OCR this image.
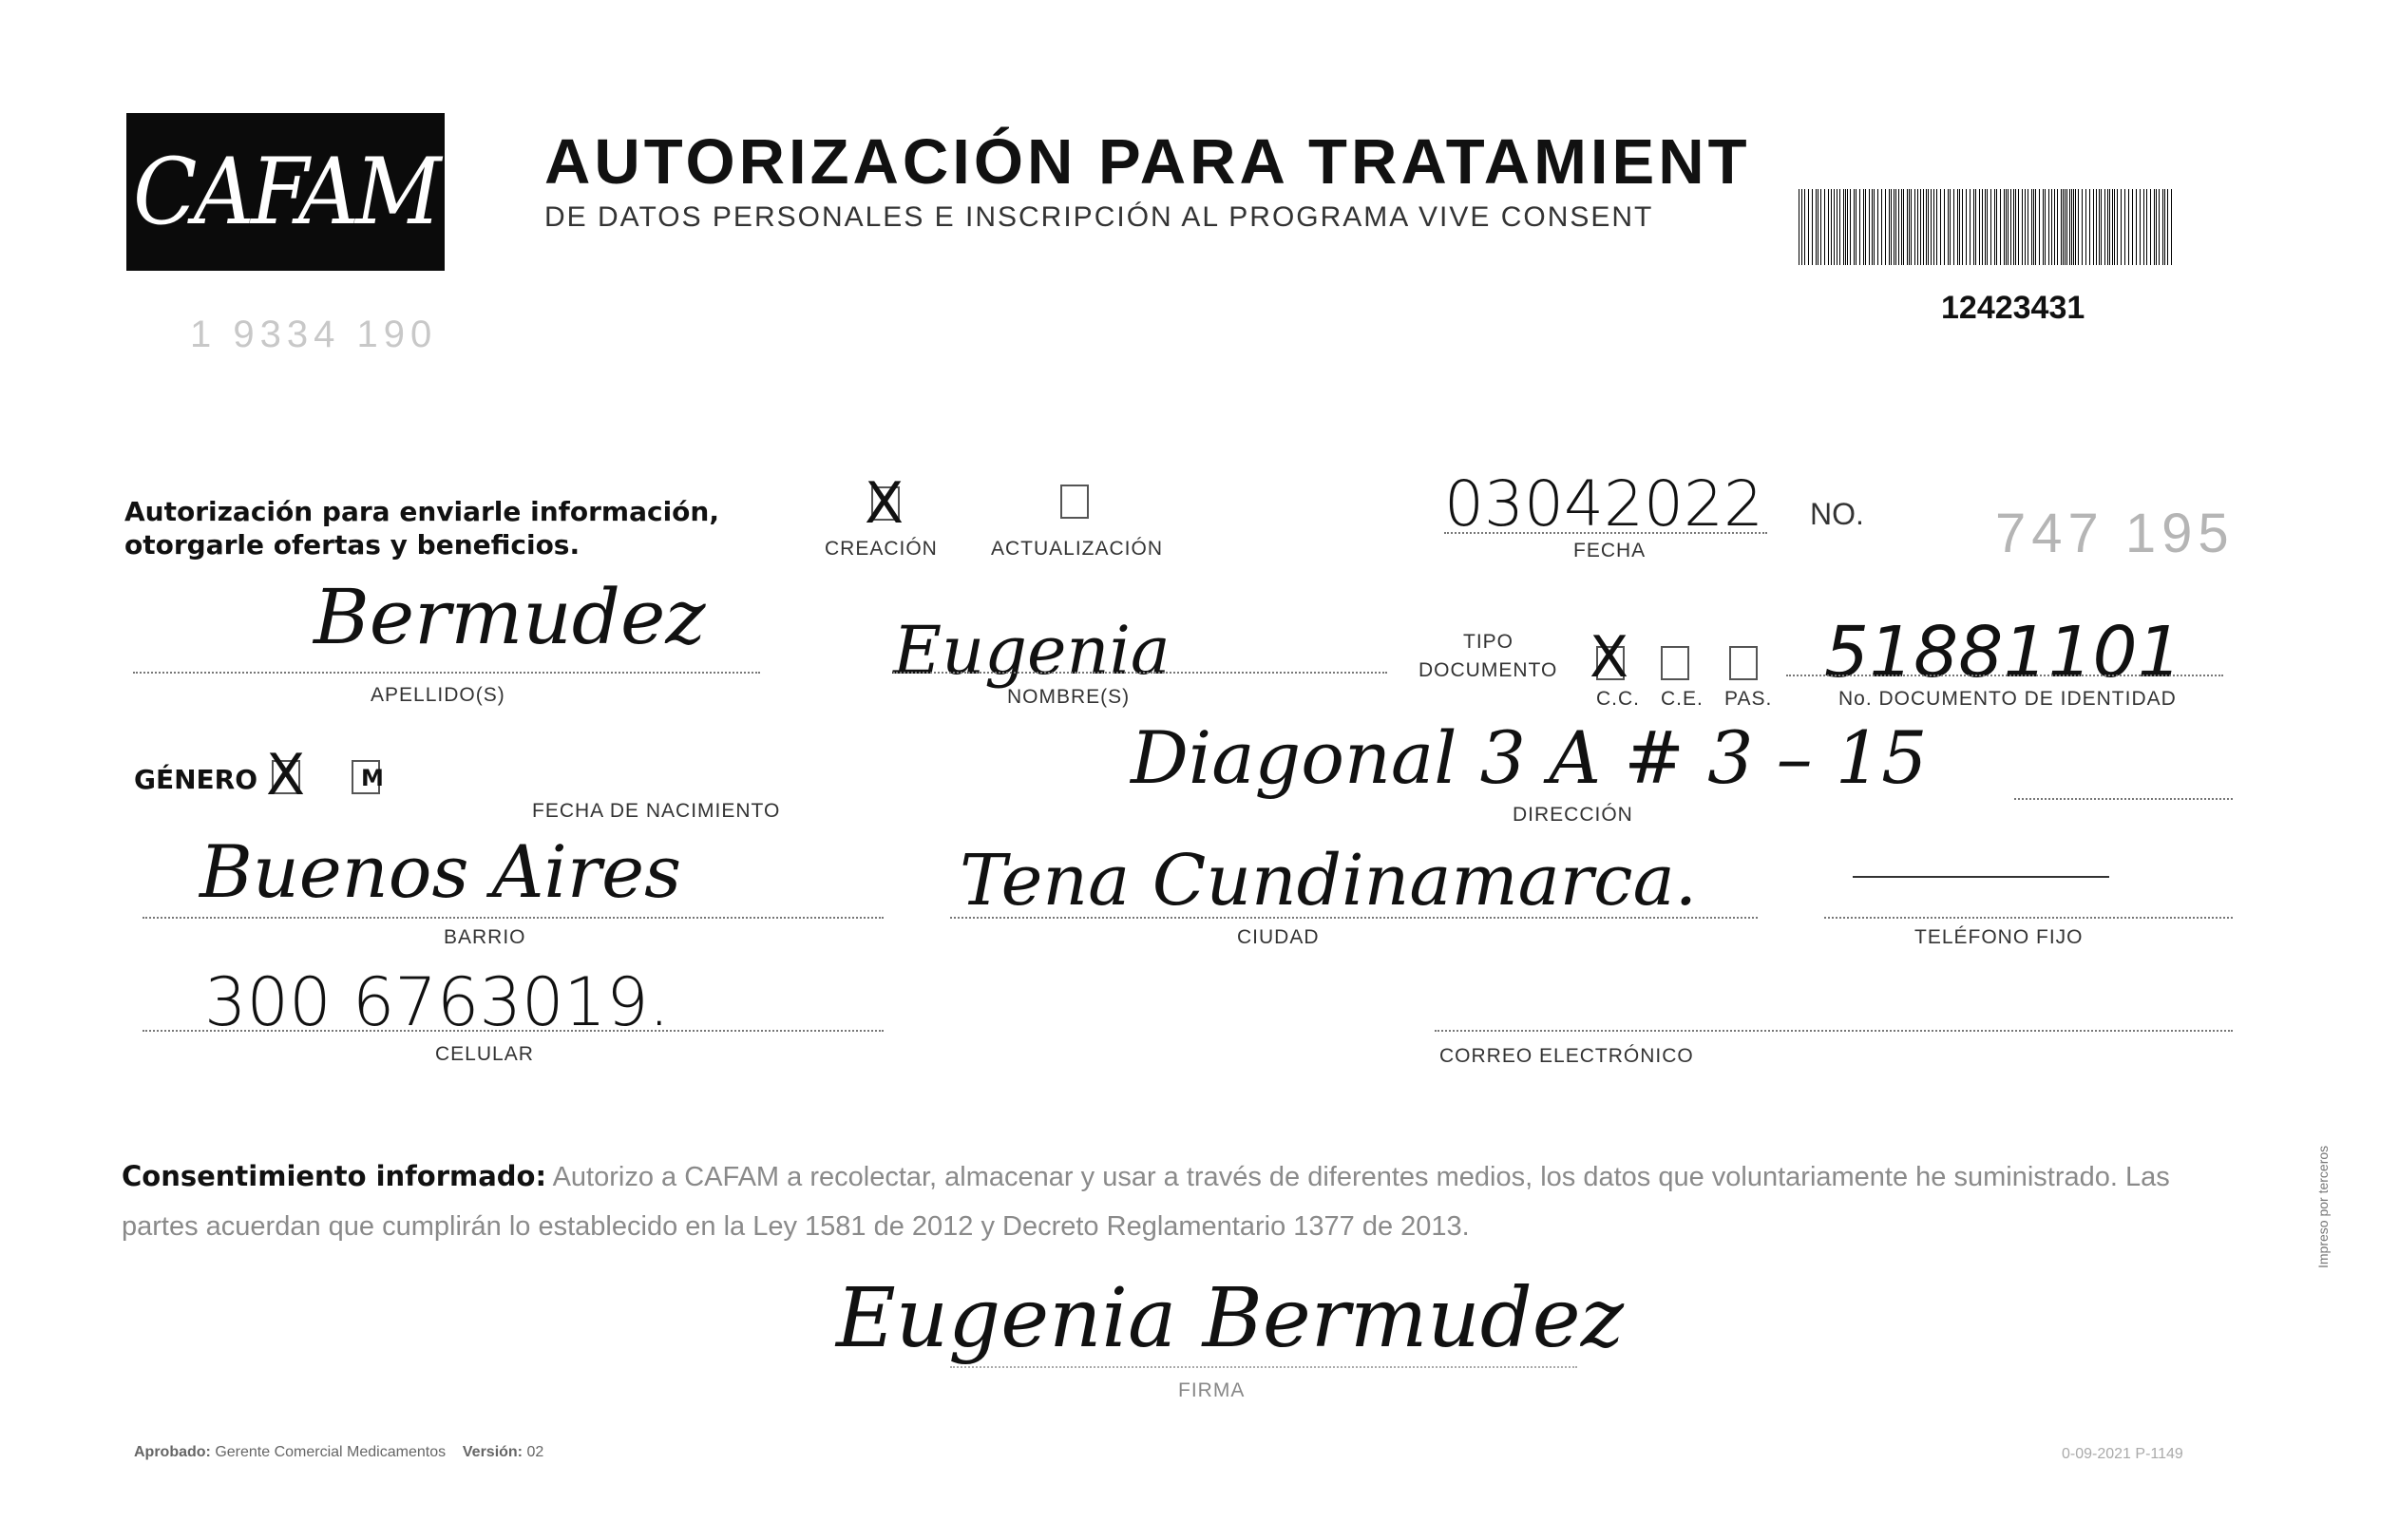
CAFAM AUTORIZACIÓN PARA TRATAMIENT
DE DATOS PERSONALES E INSCRIPCIÓN AL PROGRAMA VIVE CONSENT
12423431
1 9334 190
Autorización para enviarle información,
otorgarle ofertas y beneficios.
X
CREACIÓN	ACTUALIZACIÓN
03042022
FECHA
NO. 747 195
Bermudez
APELLIDO(S)
Eugenia
NOMBRE(S)
TIPO
DOCUMENTO X
C.C. C.E. PAS.
51881101
No. DOCUMENTO DE IDENTIDAD
GÉNERO X M
FECHA DE NACIMIENTO
Diagonal 3 A # 3 – 15
DIRECCIÓN
Buenos Aires
BARRIO
Tena Cundinamarca.
CIUDAD	TELÉFONO FIJO
300 6763019.
CELULAR	CORREO ELECTRÓNICO
Consentimiento informado: Autorizo a CAFAM a recolectar, almacenar y usar a través de diferentes medios, los datos que voluntariamente he suministrado. Las partes acuerdan que cumplirán lo establecido en la Ley 1581 de 2012 y Decreto Reglamentario 1377 de 2013.
Eugenia Bermudez
FIRMA
Aprobado: Gerente Comercial Medicamentos Versión: 02	0-09-2021 P-1149
Impreso por terceros
